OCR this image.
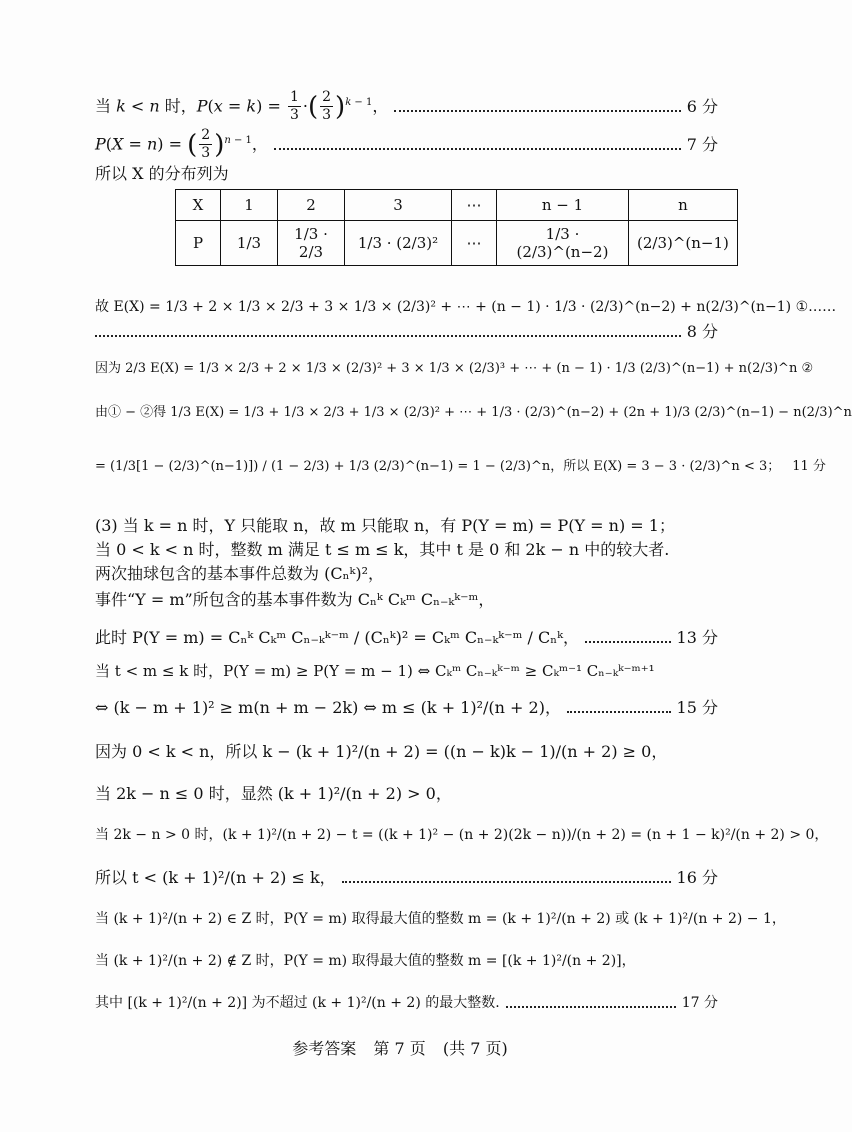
当 k < n 时，$P(x = k) = \frac{1}{3}$ ·( $\frac{2}{3} )^{k - 1}$，	6 分
P(X = n) = ( $\frac{2}{3} )^{n - 1}$，	7 分
所以 X 的分布列为
X	1	2	3	⋯	n − 1	n
P	1/3	1/3 · 2/3	1/3 · (2/3)²	⋯	1/3 · (2/3)^(n−2)	(2/3)^(n−1)
故 E(X) = 1/3 + 2 × 1/3 × 2/3 + 3 × 1/3 × (2/3)² + ⋯ + (n − 1) · 1/3 · (2/3)^(n−2) + n(2/3)^(n−1) ①……
8 分
因为 2/3 E(X) = 1/3 × 2/3 + 2 × 1/3 × (2/3)² + 3 × 1/3 × (2/3)³ + ⋯ + (n − 1) · 1/3 (2/3)^(n−1) + n(2/3)^n ②
由① − ②得 1/3 E(X) = 1/3 + 1/3 × 2/3 + 1/3 × (2/3)² + ⋯ + 1/3 · (2/3)^(n−2) + (2n + 1)/3 (2/3)^(n−1) − n(2/3)^n
= (1/3[1 − (2/3)^(n−1)]) / (1 − 2/3) + 1/3 (2/3)^(n−1) = 1 − (2/3)^n，所以 E(X) = 3 − 3 · (2/3)^n < 3； 11 分
(3) 当 k = n 时，Y 只能取 n，故 m 只能取 n，有 P(Y = m) = P(Y = n) = 1；
当 0 < k < n 时，整数 m 满足 t ≤ m ≤ k，其中 t 是 0 和 2k − n 中的较大者.
两次抽球包含的基本事件总数为 (Cₙᵏ)²，
事件“Y = m”所包含的基本事件数为 Cₙᵏ Cₖᵐ Cₙ₋ₖᵏ⁻ᵐ，
此时 P(Y = m) = Cₙᵏ Cₖᵐ Cₙ₋ₖᵏ⁻ᵐ / (Cₙᵏ)² = Cₖᵐ Cₙ₋ₖᵏ⁻ᵐ / Cₙᵏ，	13 分
当 t < m ≤ k 时，P(Y = m) ≥ P(Y = m − 1) ⇔ Cₖᵐ Cₙ₋ₖᵏ⁻ᵐ ≥ Cₖᵐ⁻¹ Cₙ₋ₖᵏ⁻ᵐ⁺¹
⇔ (k − m + 1)² ≥ m(n + m − 2k) ⇔ m ≤ (k + 1)²/(n + 2)，	15 分
因为 0 < k < n，所以 k − (k + 1)²/(n + 2) = ((n − k)k − 1)/(n + 2) ≥ 0，
当 2k − n ≤ 0 时，显然 (k + 1)²/(n + 2) > 0，
当 2k − n > 0 时，(k + 1)²/(n + 2) − t = ((k + 1)² − (n + 2)(2k − n))/(n + 2) = (n + 1 − k)²/(n + 2) > 0，
所以 t < (k + 1)²/(n + 2) ≤ k，	16 分
当 (k + 1)²/(n + 2) ∈ Z 时，P(Y = m) 取得最大值的整数 m = (k + 1)²/(n + 2) 或 (k + 1)²/(n + 2) − 1，
当 (k + 1)²/(n + 2) ∉ Z 时，P(Y = m) 取得最大值的整数 m = [(k + 1)²/(n + 2)]，
其中 [(k + 1)²/(n + 2)] 为不超过 (k + 1)²/(n + 2) 的最大整数.	17 分
参考答案 第 7 页 (共 7 页)
